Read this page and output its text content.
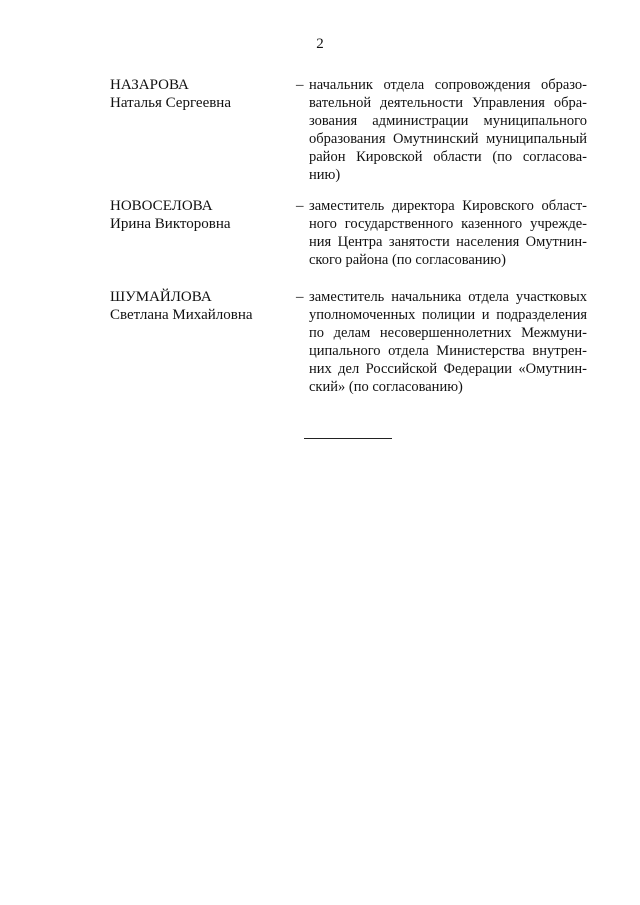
2
НАЗАРОВА
Наталья Сергеевна
– начальник отдела сопровождения образо-
вательной деятельности Управления обра-
зования администрации муниципального
образования Омутнинский муниципальный
район Кировской области (по согласова-
нию)
НОВОСЕЛОВА
Ирина Викторовна
– заместитель директора Кировского област-
ного государственного казенного учрежде-
ния Центра занятости населения Омутнин-
ского района (по согласованию)
ШУМАЙЛОВА
Светлана Михайловна
– заместитель начальника отдела участковых
уполномоченных полиции и подразделения
по делам несовершеннолетних Межмуни-
ципального отдела Министерства внутрен-
них дел Российской Федерации «Омутнин-
ский» (по согласованию)
